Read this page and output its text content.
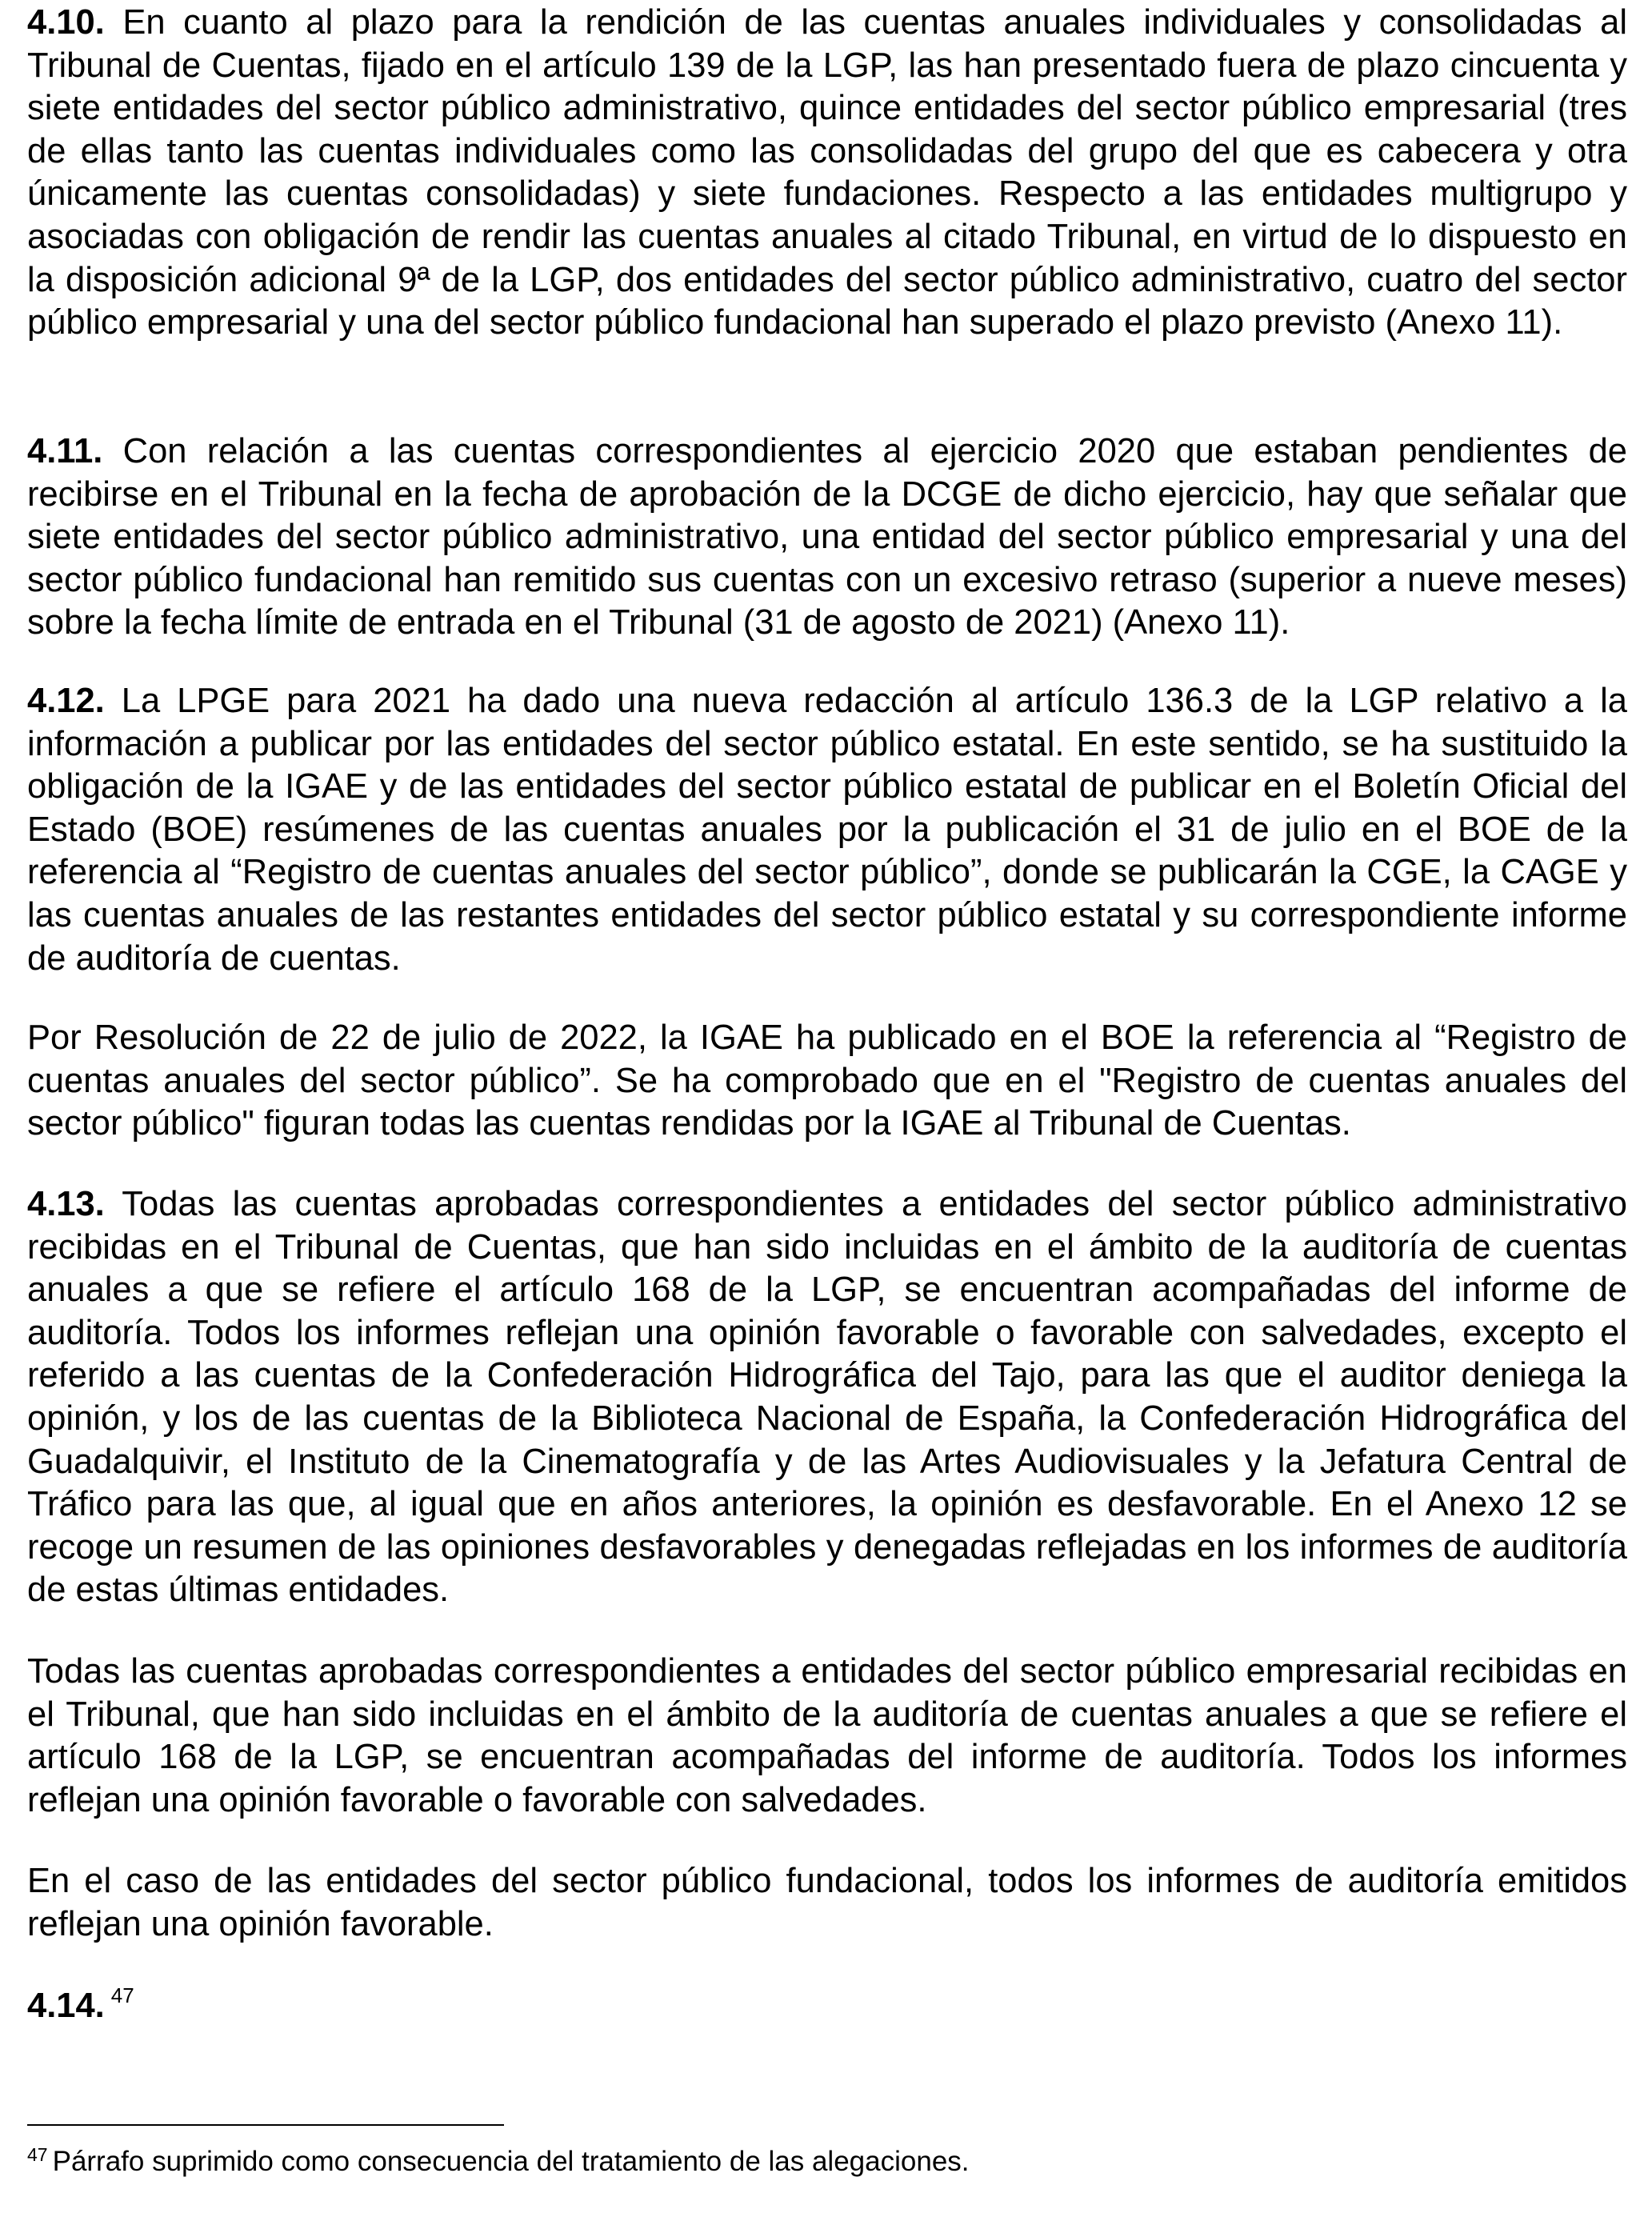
4.10. En cuanto al plazo para la rendición de las cuentas anuales individuales y consolidadas al Tribunal de Cuentas, fijado en el artículo 139 de la LGP, las han presentado fuera de plazo cincuenta y siete entidades del sector público administrativo, quince entidades del sector público empresarial (tres de ellas tanto las cuentas individuales como las consolidadas del grupo del que es cabecera y otra únicamente las cuentas consolidadas) y siete fundaciones. Respecto a las entidades multigrupo y asociadas con obligación de rendir las cuentas anuales al citado Tribunal, en virtud de lo dispuesto en la disposición adicional 9ª de la LGP, dos entidades del sector público administrativo, cuatro del sector público empresarial y una del sector público fundacional han superado el plazo previsto (Anexo 11).

4.11. Con relación a las cuentas correspondientes al ejercicio 2020 que estaban pendientes de recibirse en el Tribunal en la fecha de aprobación de la DCGE de dicho ejercicio, hay que señalar que siete entidades del sector público administrativo, una entidad del sector público empresarial y una del sector público fundacional han remitido sus cuentas con un excesivo retraso (superior a nueve meses) sobre la fecha límite de entrada en el Tribunal (31 de agosto de 2021) (Anexo 11).

4.12. La LPGE para 2021 ha dado una nueva redacción al artículo 136.3 de la LGP relativo a la información a publicar por las entidades del sector público estatal. En este sentido, se ha sustituido la obligación de la IGAE y de las entidades del sector público estatal de publicar en el Boletín Oficial del Estado (BOE) resúmenes de las cuentas anuales por la publicación el 31 de julio en el BOE de la referencia al “Registro de cuentas anuales del sector público”, donde se publicarán la CGE, la CAGE y las cuentas anuales de las restantes entidades del sector público estatal y su correspondiente informe de auditoría de cuentas.

Por Resolución de 22 de julio de 2022, la IGAE ha publicado en el BOE la referencia al “Registro de cuentas anuales del sector público”. Se ha comprobado que en el "Registro de cuentas anuales del sector público" figuran todas las cuentas rendidas por la IGAE al Tribunal de Cuentas.

4.13. Todas las cuentas aprobadas correspondientes a entidades del sector público administrativo recibidas en el Tribunal de Cuentas, que han sido incluidas en el ámbito de la auditoría de cuentas anuales a que se refiere el artículo 168 de la LGP, se encuentran acompañadas del informe de auditoría. Todos los informes reflejan una opinión favorable o favorable con salvedades, excepto el referido a las cuentas de la Confederación Hidrográfica del Tajo, para las que el auditor deniega la opinión, y los de las cuentas de la Biblioteca Nacional de España, la Confederación Hidrográfica del Guadalquivir, el Instituto de la Cinematografía y de las Artes Audiovisuales y la Jefatura Central de Tráfico para las que, al igual que en años anteriores, la opinión es desfavorable. En el Anexo 12 se recoge un resumen de las opiniones desfavorables y denegadas reflejadas en los informes de auditoría de estas últimas entidades.

Todas las cuentas aprobadas correspondientes a entidades del sector público empresarial recibidas en el Tribunal, que han sido incluidas en el ámbito de la auditoría de cuentas anuales a que se refiere el artículo 168 de la LGP, se encuentran acompañadas del informe de auditoría. Todos los informes reflejan una opinión favorable o favorable con salvedades.

En el caso de las entidades del sector público fundacional, todos los informes de auditoría emitidos reflejan una opinión favorable.

4.14. $^{47}$

$^{47}$ Párrafo suprimido como consecuencia del tratamiento de las alegaciones.
